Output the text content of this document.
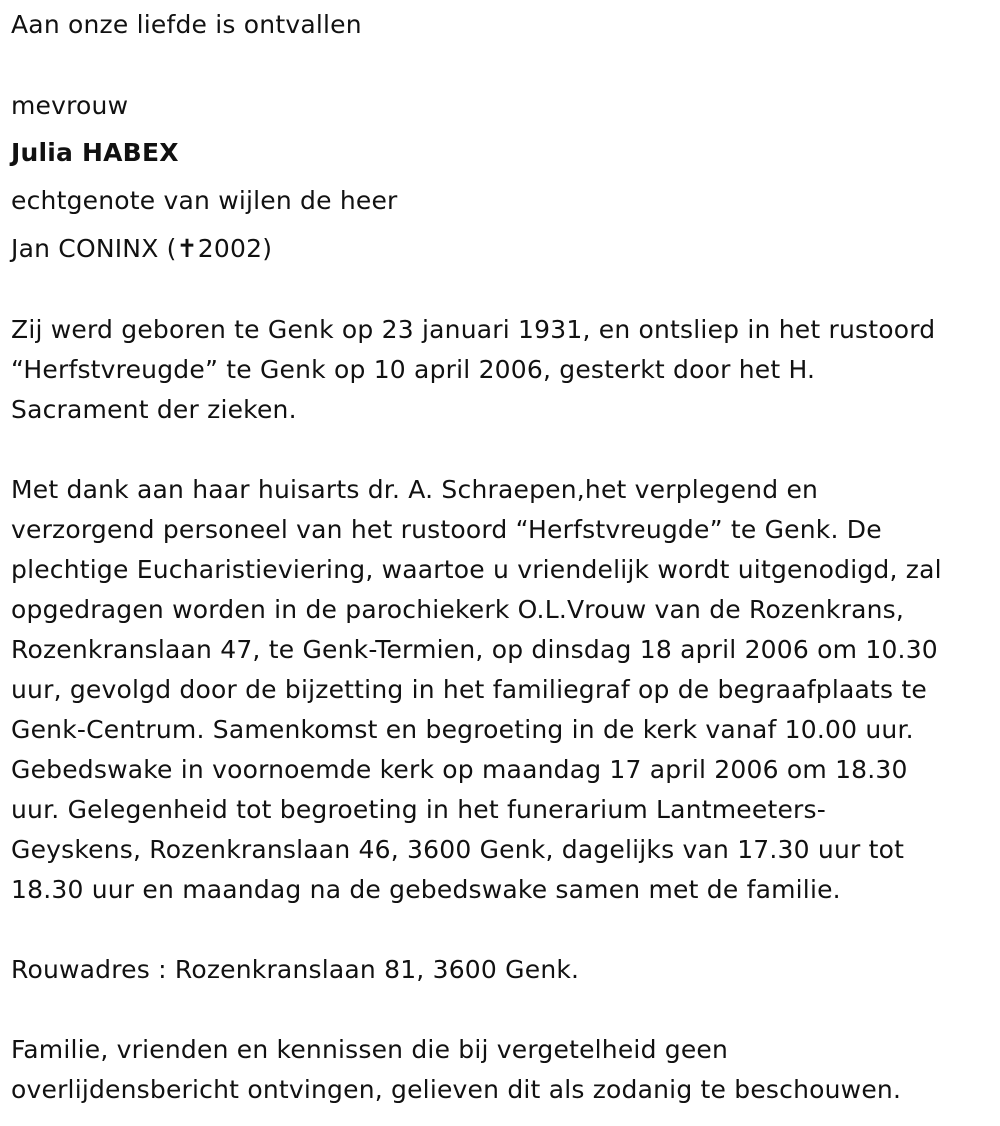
Aan onze liefde is ontvallen
mevrouw
Julia HABEX
echtgenote van wijlen de heer
Jan CONINX (✝2002)
Zij werd geboren te Genk op 23 januari 1931, en ontsliep in het rustoord
“Herfstvreugde” te Genk op 10 april 2006, gesterkt door het H.
Sacrament der zieken.
Met dank aan haar huisarts dr. A. Schraepen,het verplegend en
verzorgend personeel van het rustoord “Herfstvreugde” te Genk. De
plechtige Eucharistieviering, waartoe u vriendelijk wordt uitgenodigd, zal
opgedragen worden in de parochiekerk O.L.Vrouw van de Rozenkrans,
Rozenkranslaan 47, te Genk-Termien, op dinsdag 18 april 2006 om 10.30
uur, gevolgd door de bijzetting in het familiegraf op de begraafplaats te
Genk-Centrum. Samenkomst en begroeting in de kerk vanaf 10.00 uur.
Gebedswake in voornoemde kerk op maandag 17 april 2006 om 18.30
uur. Gelegenheid tot begroeting in het funerarium Lantmeeters-
Geyskens, Rozenkranslaan 46, 3600 Genk, dagelijks van 17.30 uur tot
18.30 uur en maandag na de gebedswake samen met de familie.
Rouwadres : Rozenkranslaan 81, 3600 Genk.
Familie, vrienden en kennissen die bij vergetelheid geen
overlijdensbericht ontvingen, gelieven dit als zodanig te beschouwen.
